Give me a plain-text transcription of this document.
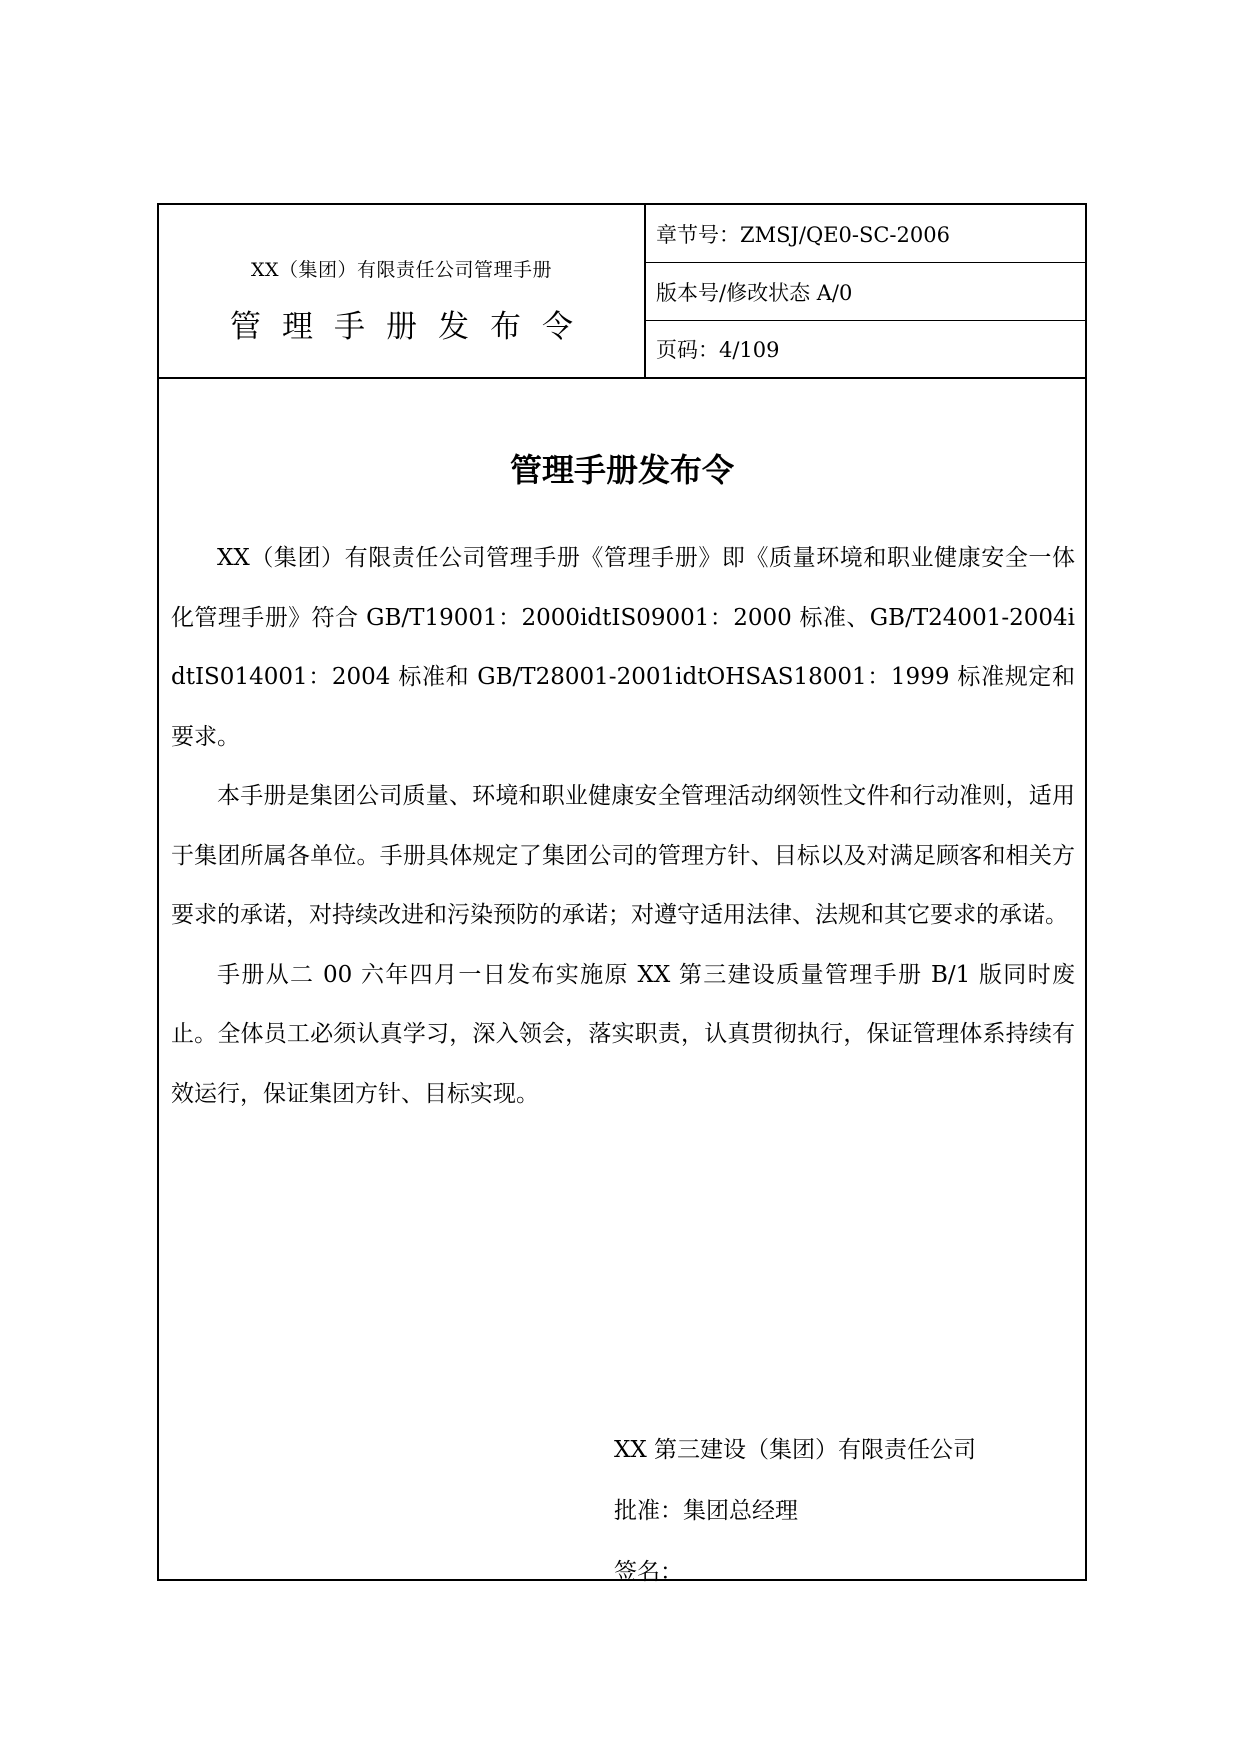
XX（集团）有限责任公司管理手册
管理手册发布令
章节号：ZMSJ/QE0-SC-2006
版本号/修改状态 A/0
页码：4/109
管理手册发布令

XX（集团）有限责任公司管理手册《管理手册》即《质量环境和职业健康安全一体化管理手册》符合 GB/T19001：2000idtIS09001：2000 标准、GB/T24001-2004idtIS014001：2004 标准和 GB/T28001-2001idtOHSAS18001：1999 标准规定和要求。

本手册是集团公司质量、环境和职业健康安全管理活动纲领性文件和行动准则，适用于集团所属各单位。手册具体规定了集团公司的管理方针、目标以及对满足顾客和相关方要求的承诺，对持续改进和污染预防的承诺；对遵守适用法律、法规和其它要求的承诺。

手册从二 00 六年四月一日发布实施原 XX 第三建设质量管理手册 B/1 版同时废止。全体员工必须认真学习，深入领会，落实职责，认真贯彻执行，保证管理体系持续有效运行，保证集团方针、目标实现。

XX 第三建设（集团）有限责任公司
批准：集团总经理
签名：
